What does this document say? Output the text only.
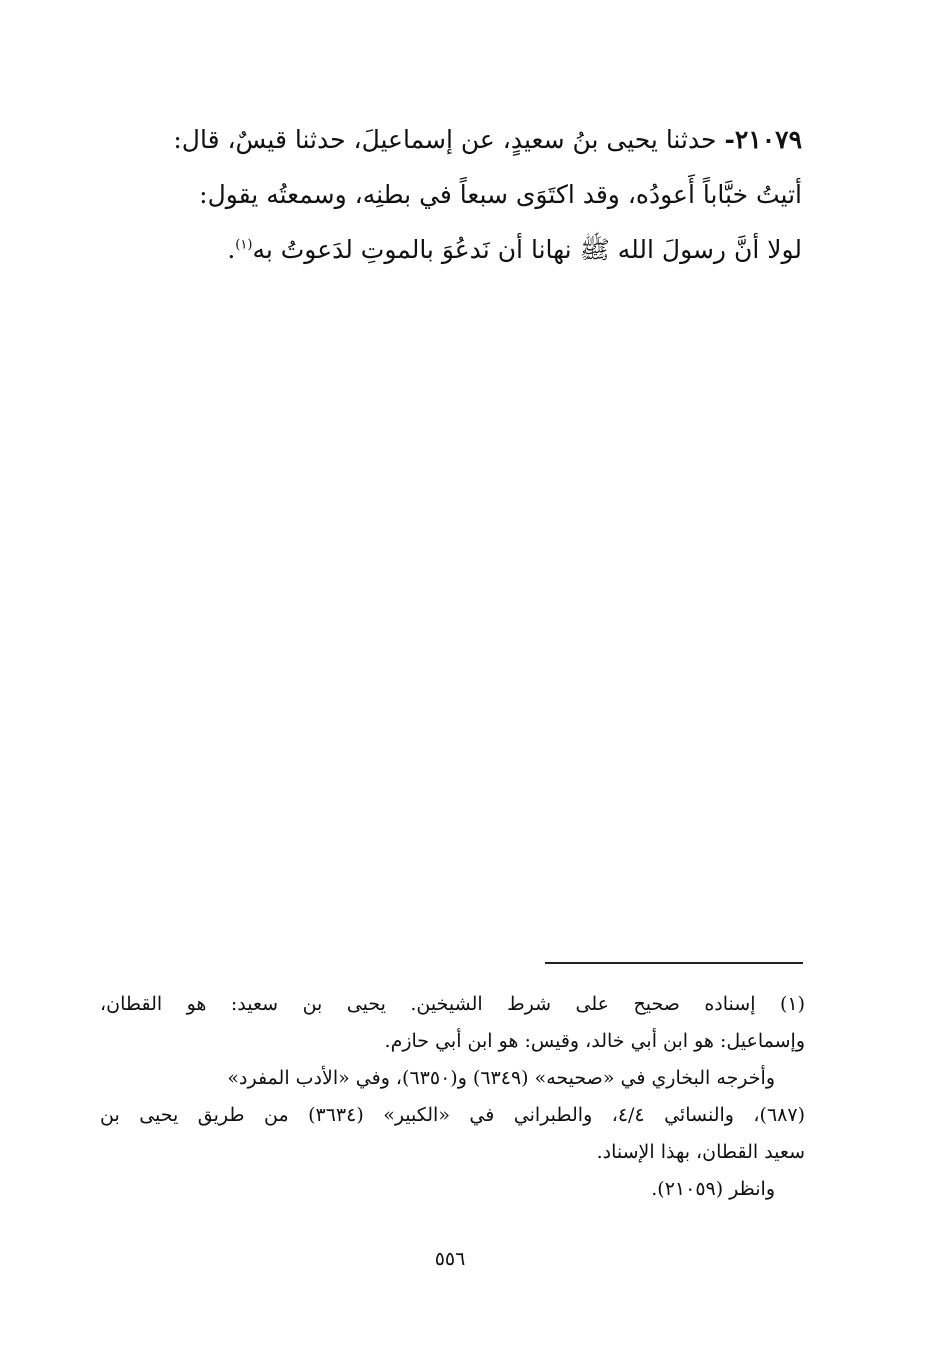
٢١٠٧٩- حدثنا يحيى بنُ سعيدٍ، عن إسماعيلَ، حدثنا قيسٌ، قال:
أتيتُ خبَّاباً أَعودُه، وقد اكتَوَى سبعاً في بطنِه، وسمعتُه يقول:
لولا أنَّ رسولَ الله ﷺ نهانا أن نَدعُوَ بالموتِ لدَعوتُ به$^{(١)}$.
(١) إسناده صحيح على شرط الشيخين. يحيى بن سعيد: هو القطان،
وإسماعيل: هو ابن أبي خالد، وقيس: هو ابن أبي حازم.
وأخرجه البخاري في «صحيحه» (٦٣٤٩) و(٦٣٥٠)، وفي «الأدب المفرد»
(٦٨٧)، والنسائي ٤/٤، والطبراني في «الكبير» (٣٦٣٤) من طريق يحيى بن
سعيد القطان، بهذا الإسناد.
وانظر (٢١٠٥٩).
٥٥٦
